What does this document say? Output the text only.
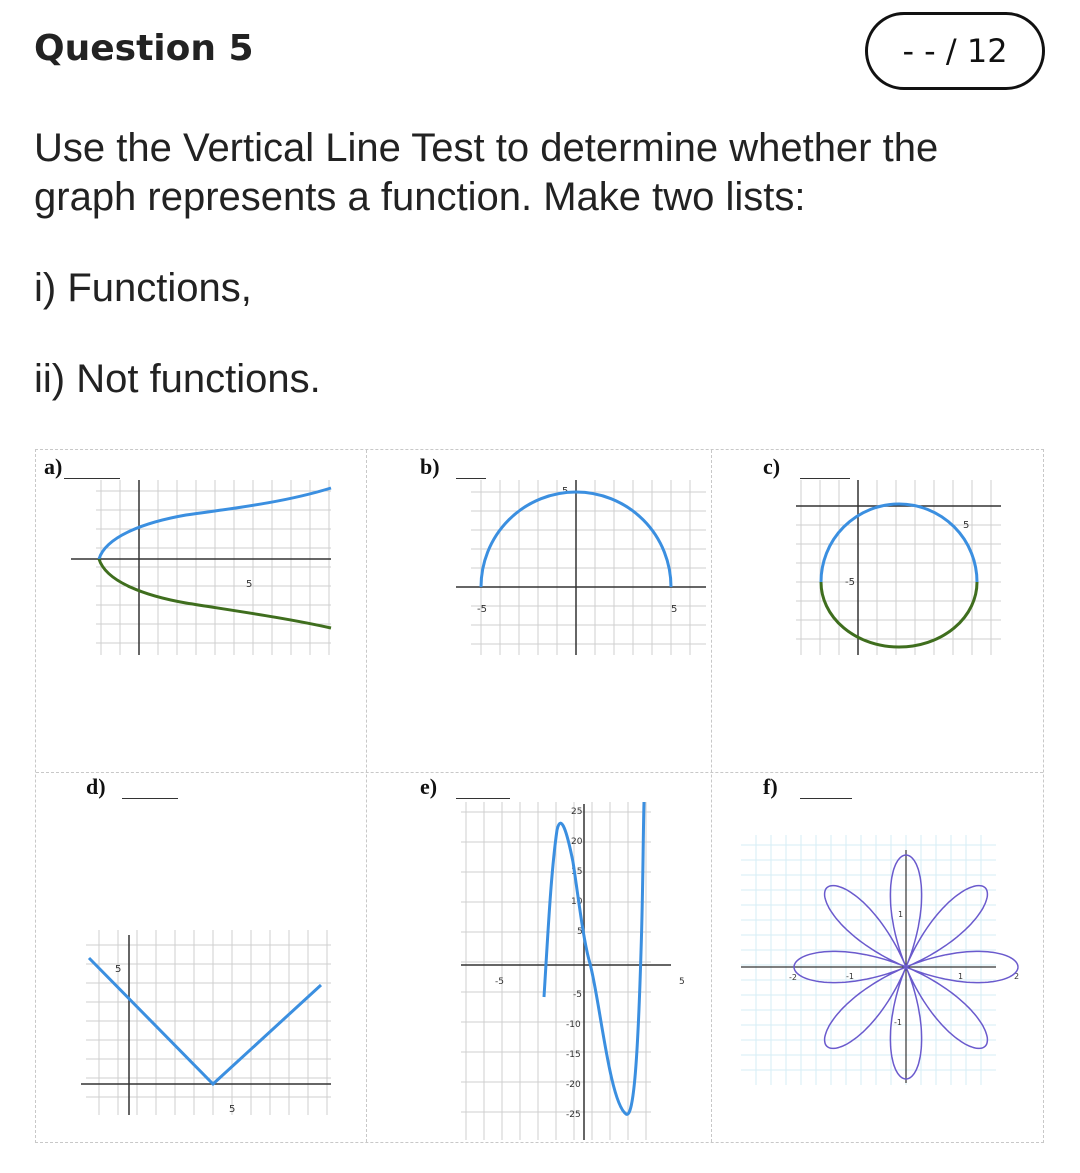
Question 5	- - / 12
Use the Vertical Line Test to determine whether the
graph represents a function. Make two lists:
i) Functions,
ii) Not functions.
a)	b)	c)
d)	e)	f)
5
-5	5
5
5
-5
5
5
25
20
15
10
5
-5	5
-5
-10
-15
-20
-25
1
-1
-2	-1	1	2
